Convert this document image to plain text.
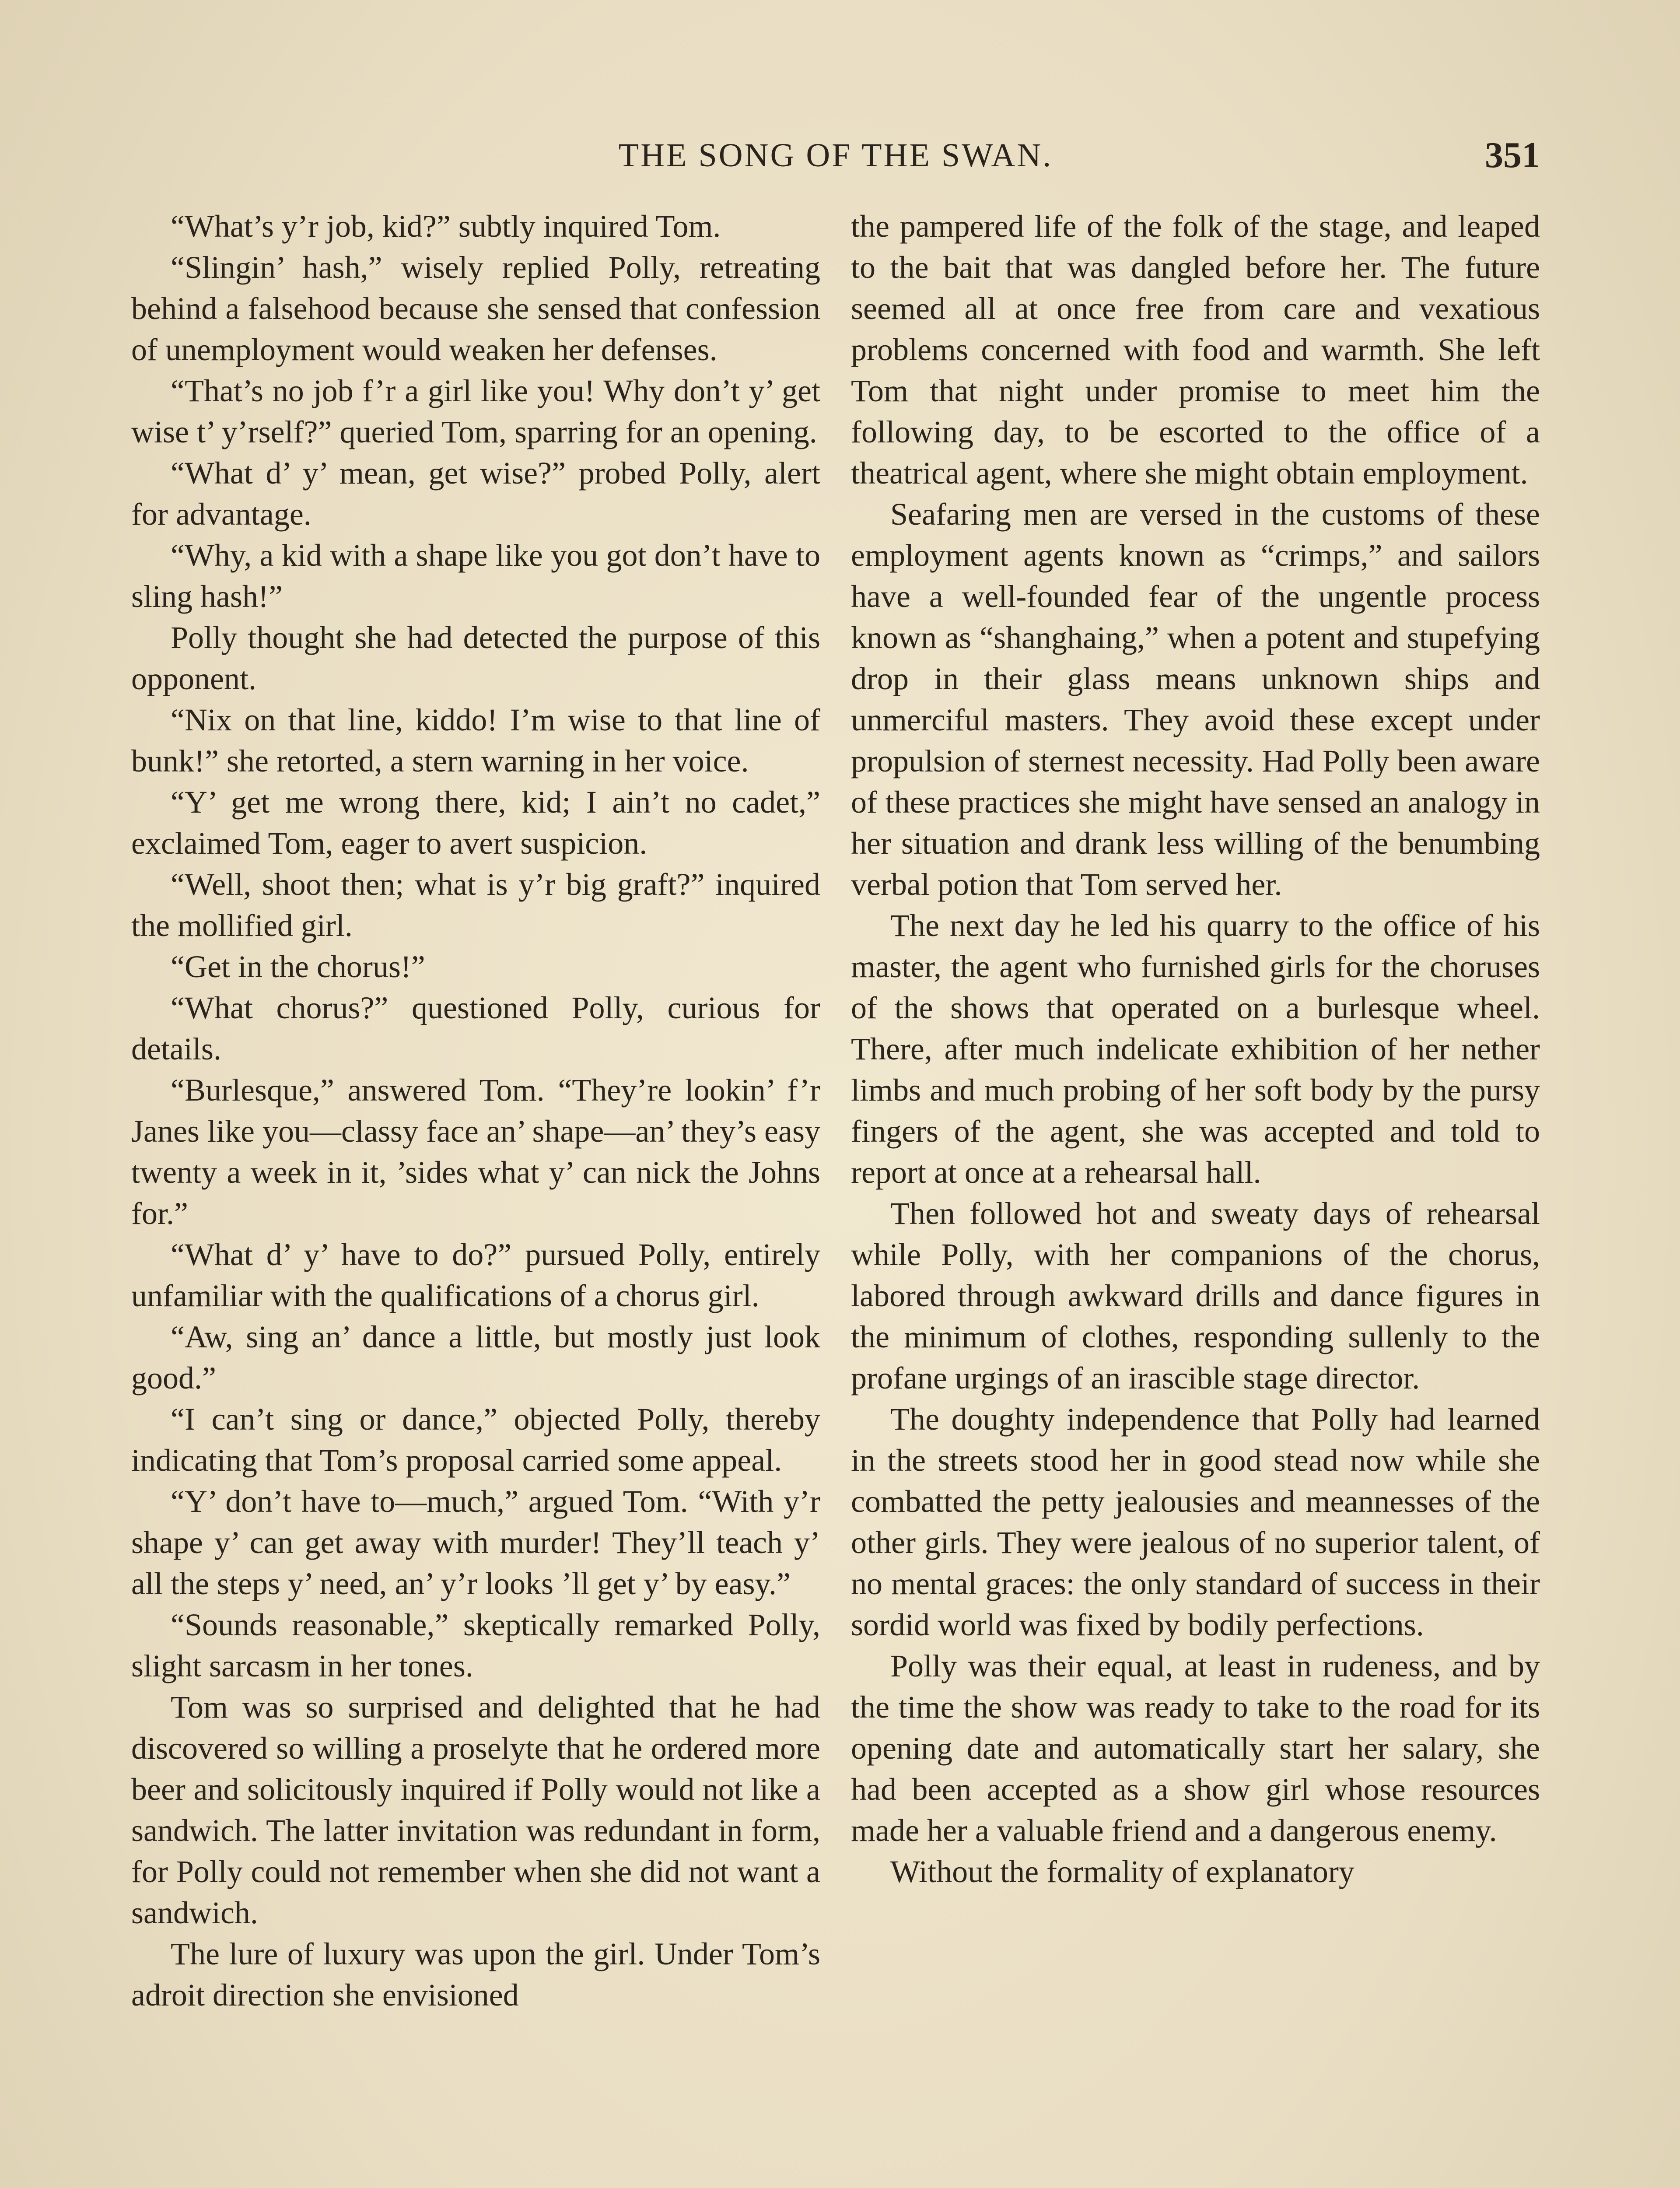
THE SONG OF THE SWAN.	351

“What’s y’r job, kid?” subtly inquired Tom.

“Slingin’ hash,” wisely replied Polly, retreating behind a falsehood because she sensed that confession of unemployment would weaken her defenses.

“That’s no job f’r a girl like you! Why don’t y’ get wise t’ y’rself?” queried Tom, sparring for an opening.

“What d’ y’ mean, get wise?” probed Polly, alert for advantage.

“Why, a kid with a shape like you got don’t have to sling hash!”

Polly thought she had detected the purpose of this opponent.

“Nix on that line, kiddo! I’m wise to that line of bunk!” she retorted, a stern warning in her voice.

“Y’ get me wrong there, kid; I ain’t no cadet,” exclaimed Tom, eager to avert suspicion.

“Well, shoot then; what is y’r big graft?” inquired the mollified girl.

“Get in the chorus!”

“What chorus?” questioned Polly, curious for details.

“Burlesque,” answered Tom. “They’re lookin’ f’r Janes like you—classy face an’ shape—an’ they’s easy twenty a week in it, ’sides what y’ can nick the Johns for.”

“What d’ y’ have to do?” pursued Polly, entirely unfamiliar with the qualifications of a chorus girl.

“Aw, sing an’ dance a little, but mostly just look good.”

“I can’t sing or dance,” objected Polly, thereby indicating that Tom’s proposal carried some appeal.

“Y’ don’t have to—much,” argued Tom. “With y’r shape y’ can get away with murder! They’ll teach y’ all the steps y’ need, an’ y’r looks ’ll get y’ by easy.”

“Sounds reasonable,” skeptically remarked Polly, slight sarcasm in her tones.

Tom was so surprised and delighted that he had discovered so willing a proselyte that he ordered more beer and solicitously inquired if Polly would not like a sandwich. The latter invitation was redundant in form, for Polly could not remember when she did not want a sandwich.

The lure of luxury was upon the girl. Under Tom’s adroit direction she envisioned

the pampered life of the folk of the stage, and leaped to the bait that was dangled before her. The future seemed all at once free from care and vexatious problems concerned with food and warmth. She left Tom that night under promise to meet him the following day, to be escorted to the office of a theatrical agent, where she might obtain employment.

Seafaring men are versed in the customs of these employment agents known as “crimps,” and sailors have a well-founded fear of the ungentle process known as “shanghaing,” when a potent and stupefying drop in their glass means unknown ships and unmerciful masters. They avoid these except under propulsion of sternest necessity. Had Polly been aware of these practices she might have sensed an analogy in her situation and drank less willing of the benumbing verbal potion that Tom served her.

The next day he led his quarry to the office of his master, the agent who furnished girls for the choruses of the shows that operated on a burlesque wheel. There, after much indelicate exhibition of her nether limbs and much probing of her soft body by the pursy fingers of the agent, she was accepted and told to report at once at a rehearsal hall.

Then followed hot and sweaty days of rehearsal while Polly, with her companions of the chorus, labored through awkward drills and dance figures in the minimum of clothes, responding sullenly to the profane urgings of an irascible stage director.

The doughty independence that Polly had learned in the streets stood her in good stead now while she combatted the petty jealousies and meannesses of the other girls. They were jealous of no superior talent, of no mental graces: the only standard of success in their sordid world was fixed by bodily perfections.

Polly was their equal, at least in rudeness, and by the time the show was ready to take to the road for its opening date and automatically start her salary, she had been accepted as a show girl whose resources made her a valuable friend and a dangerous enemy.

Without the formality of explanatory
